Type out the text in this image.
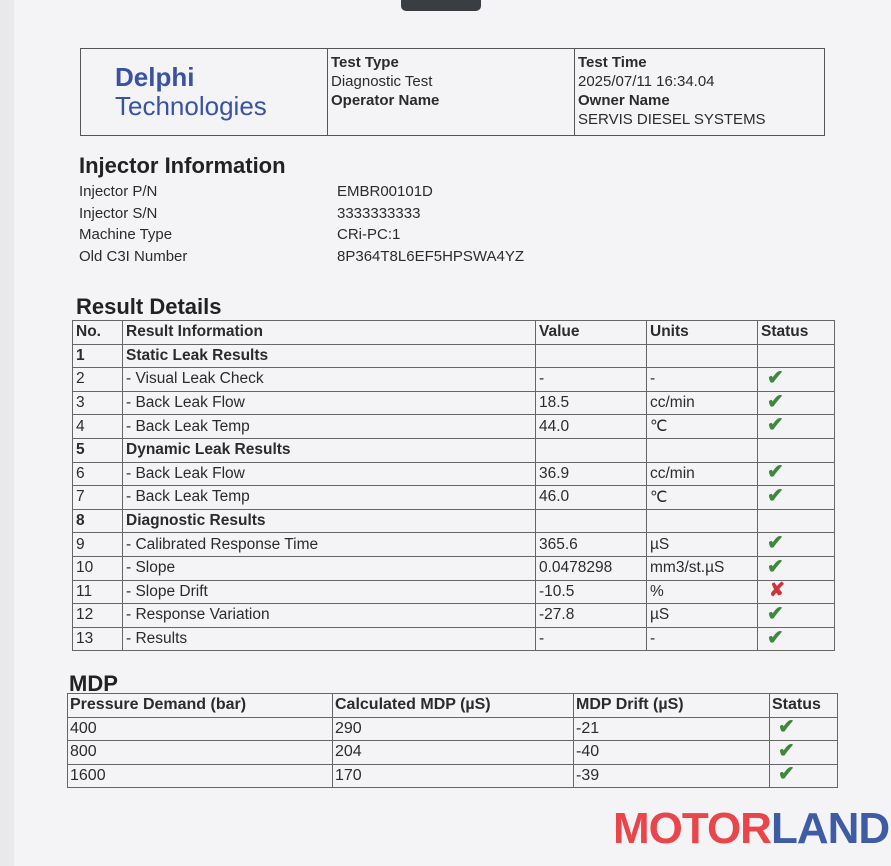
Delphi
Technologies

Test Type
Diagnostic Test
Operator Name

Test Time
2025/07/11 16:34.04
Owner Name
SERVIS DIESEL SYSTEMS
Injector Information
Injector P/N	EMBR00101D
Injector S/N	3333333333
Machine Type	CRi-PC:1
Old C3I Number	8P364T8L6EF5HPSWA4YZ
Result Details
No.	Result Information	Value	Units	Status
1	Static Leak Results			
2	- Visual Leak Check	-	-	✔
3	- Back Leak Flow	18.5	cc/min	✔
4	- Back Leak Temp	44.0	℃	✔
5	Dynamic Leak Results			
6	- Back Leak Flow	36.9	cc/min	✔
7	- Back Leak Temp	46.0	℃	✔
8	Diagnostic Results			
9	- Calibrated Response Time	365.6	µS	✔
10	- Slope	0.0478298	mm3/st.µS	✔
11	- Slope Drift	-10.5	%	✘
12	- Response Variation	-27.8	µS	✔
13	- Results	-	-	✔
MDP
Pressure Demand (bar)	Calculated MDP (µS)	MDP Drift (µS)	Status
400	290	-21	✔
800	204	-40	✔
1600	170	-39	✔
MOTORLAND
